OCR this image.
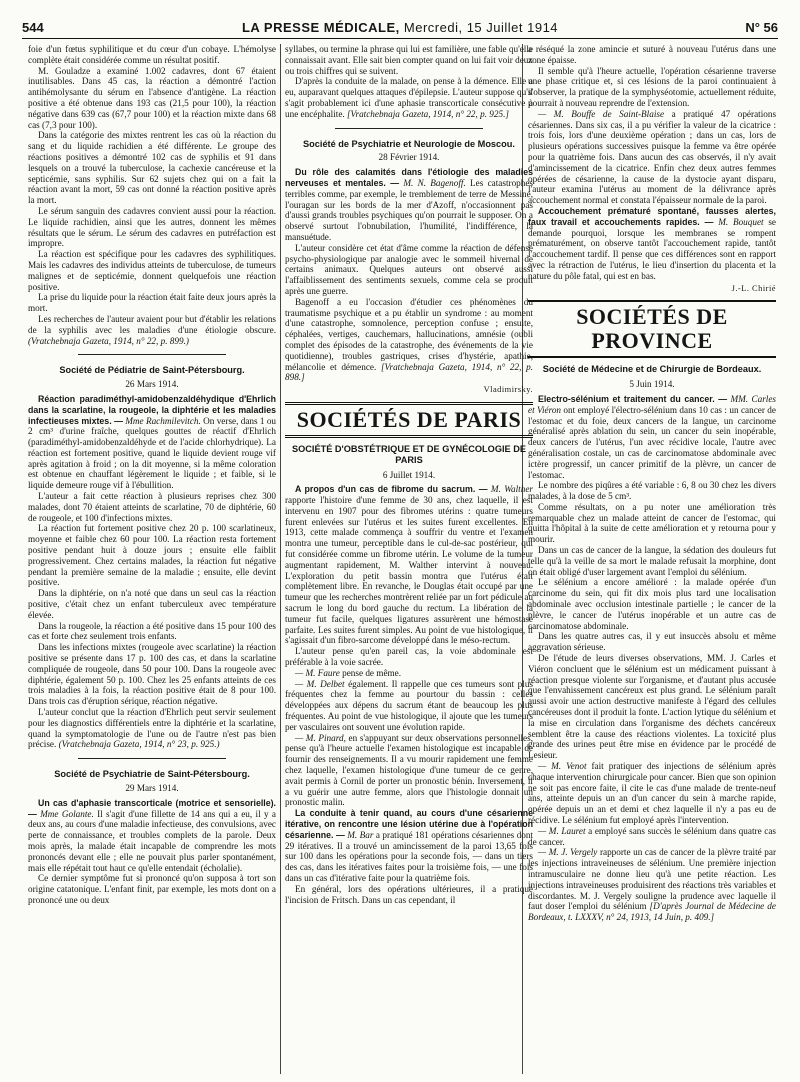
544	LA PRESSE MÉDICALE, Mercredi, 15 Juillet 1914	N° 56

foie d'un fœtus syphilitique et du cœur d'un cobaye. L'hémolyse complète était considérée comme un résultat positif.

M. Gouladze a examiné 1.002 cadavres, dont 67 étaient inutilisables. Dans 45 cas, la réaction a démontré l'action antihémolysante du sérum en l'absence d'antigène. La réaction positive a été obtenue dans 193 cas (21,5 pour 100), la réaction négative dans 639 cas (67,7 pour 100) et la réaction mixte dans 68 cas (7,3 pour 100).

Dans la catégorie des mixtes rentrent les cas où la réaction du sang et du liquide rachidien a été différente. Le groupe des réactions positives a démontré 102 cas de syphilis et 91 dans lesquels on a trouvé la tuberculose, la cachexie cancéreuse et la septicémie, sans syphilis. Sur 62 sujets chez qui on a fait la réaction avant la mort, 59 cas ont donné la réaction positive après la mort.

Le sérum sanguin des cadavres convient aussi pour la réaction. Le liquide rachidien, ainsi que les autres, donnent les mêmes résultats que le sérum. Le sérum des cadavres en putréfaction est impropre.

La réaction est spécifique pour les cadavres des syphilitiques. Mais les cadavres des individus atteints de tuberculose, de tumeurs malignes et de septicémie, donnent quelquefois une réaction positive.

La prise du liquide pour la réaction était faite deux jours après la mort.

Les recherches de l'auteur avaient pour but d'établir les relations de la syphilis avec les maladies d'une étiologie obscure. (Vratchebnaja Gazeta, 1914, n° 22, p. 899.)

Société de Pédiatrie de Saint-Pétersbourg.
26 Mars 1914.

Réaction paradiméthyl-amidobenzaldéhydique d'Ehrlich dans la scarlatine, la rougeole, la diphtérie et les maladies infectieuses mixtes. — Mme Rachmilevitch. On verse, dans 1 ou 2 cm³ d'urine fraîche, quelques gouttes de réactif d'Ehrlich (paradiméthyl-amidobenzaldéhyde et de l'acide chlorhydrique). La réaction est fortement positive, quand le liquide devient rouge vif après agitation à froid ; on la dit moyenne, si la même coloration est obtenue en chauffant légèrement le liquide ; et faible, si le liquide demeure rouge vif à l'ébullition.

L'auteur a fait cette réaction à plusieurs reprises chez 300 malades, dont 70 étaient atteints de scarlatine, 70 de diphtérie, 60 de rougeole, et 100 d'infections mixtes.

La réaction fut fortement positive chez 20 p. 100 scarlatineux, moyenne et faible chez 60 pour 100. La réaction resta fortement positive pendant huit à douze jours ; ensuite elle faiblit progressivement. Chez certains malades, la réaction fut négative pendant la première semaine de la maladie ; ensuite, elle devint positive.

Dans la diphtérie, on n'a noté que dans un seul cas la réaction positive, c'était chez un enfant tuberculeux avec température élevée.

Dans la rougeole, la réaction a été positive dans 15 pour 100 des cas et forte chez seulement trois enfants.

Dans les infections mixtes (rougeole avec scarlatine) la réaction positive se présente dans 17 p. 100 des cas, et dans la scarlatine compliquée de rougeole, dans 50 pour 100. Dans la rougeole avec diphtérie, également 50 p. 100. Chez les 25 enfants atteints de ces trois maladies à la fois, la réaction positive était de 8 pour 100. Dans trois cas d'éruption sérique, réaction négative.

L'auteur conclut que la réaction d'Ehrlich peut servir seulement pour les diagnostics différentiels entre la diphtérie et la scarlatine, quand la symptomatologie de l'une ou de l'autre n'est pas bien précise. (Vratchebnaja Gazeta, 1914, n° 23, p. 925.)

Société de Psychiatrie de Saint-Pétersbourg.
29 Mars 1914.

Un cas d'aphasie transcorticale (motrice et sensorielle). — Mme Golante. Il s'agit d'une fillette de 14 ans qui a eu, il y a deux ans, au cours d'une maladie infectieuse, des convulsions, avec perte de connaissance, et troubles complets de la parole. Deux mois après, la malade était incapable de comprendre les mots prononcés devant elle ; elle ne pouvait plus parler spontanément, mais elle répétait tout haut ce qu'elle entendait (écholalie).

Ce dernier symptôme fut si prononcé qu'on supposa à tort son origine catatonique. L'enfant finit, par exemple, les mots dont on a prononcé une ou deux

syllabes, ou termine la phrase qui lui est familière, une fable qu'elle connaissait avant. Elle sait bien compter quand on lui fait voir deux ou trois chiffres qui se suivent.

D'après la conduite de la malade, on pense à la démence. Elle a eu, auparavant quelques attaques d'épilepsie. L'auteur suppose qu'il s'agit probablement ici d'une aphasie transcorticale consécutive à une encéphalite. [Vratchebnaja Gazeta, 1914, n° 22, p. 925.]

Société de Psychiatrie et Neurologie de Moscou.
28 Février 1914.

Du rôle des calamités dans l'étiologie des maladies nerveuses et mentales. — M. N. Bagenoff. Les catastrophes terribles comme, par exemple, le tremblement de terre de Messine, l'ouragan sur les bords de la mer d'Azoff, n'occasionnent pas d'aussi grands troubles psychiques qu'on pourrait le supposer. On a observé surtout l'obnubilation, l'humilité, l'indifférence, la mansuétude.

L'auteur considère cet état d'âme comme la réaction de défense psycho-physiologique par analogie avec le sommeil hivernal de certains animaux. Quelques auteurs ont observé aussi l'affaiblissement des sentiments sexuels, comme cela se produit après une guerre.

Bagenoff a eu l'occasion d'étudier ces phénomènes du traumatisme psychique et a pu établir un syndrome : au moment d'une catastrophe, somnolence, perception confuse ; ensuite, céphalées, vertiges, cauchemars, hallucinations, amnésie (oubli complet des épisodes de la catastrophe, des événements de la vie quotidienne), troubles gastriques, crises d'hystérie, apathie, mélancolie et démence. [Vratchebnaja Gazeta, 1914, n° 22, p. 898.]

Vladimirsky.
SOCIÉTÉS DE PARIS
SOCIÉTÉ D'OBSTÉTRIQUE ET DE GYNÉCOLOGIE DE PARIS
6 Juillet 1914.

A propos d'un cas de fibrome du sacrum. — M. Walther rapporte l'histoire d'une femme de 30 ans, chez laquelle, il est intervenu en 1907 pour des fibromes utérins : quatre tumeurs furent enlevées sur l'utérus et les suites furent excellentes. En 1913, cette malade commença à souffrir du ventre et l'examen montra une tumeur, perceptible dans le cul-de-sac postérieur, qui fut considérée comme un fibrome utérin. Le volume de la tumeur augmentant rapidement, M. Walther intervint à nouveau. L'exploration du petit bassin montra que l'utérus était complètement libre. En revanche, le Douglas était occupé par une tumeur que les recherches montrèrent reliée par un fort pédicule au sacrum le long du bord gauche du rectum. La libération de la tumeur fut facile, quelques ligatures assurèrent une hémostase parfaite. Les suites furent simples. Au point de vue histologique, il s'agissait d'un fibro-sarcome développé dans le méso-rectum.

L'auteur pense qu'en pareil cas, la voie abdominale est préférable à la voie sacrée.

— M. Faure pense de même.

— M. Delbet également. Il rappelle que ces tumeurs sont plus fréquentes chez la femme au pourtour du bassin : celles développées aux dépens du sacrum étant de beaucoup les plus fréquentes. Au point de vue histologique, il ajoute que les tumeurs per vasculaires ont souvent une évolution rapide.

— M. Pinard, en s'appuyant sur deux observations personnelles, pense qu'à l'heure actuelle l'examen histologique est incapable de fournir des renseignements. Il a vu mourir rapidement une femme chez laquelle, l'examen histologique d'une tumeur de ce genre, avait permis à Cornil de porter un pronostic bénin. Inversement, il a vu guérir une autre femme, alors que l'histologie donnait un pronostic malin.

La conduite à tenir quand, au cours d'une césarienne itérative, on rencontre une lésion utérine due à l'opération césarienne. — M. Bar a pratiqué 181 opérations césariennes dont 29 itératives. Il a trouvé un amincissement de la paroi 13,65 fois sur 100 dans les opérations pour la seconde fois, — dans un tiers des cas, dans les itératives faites pour la troisième fois, — une fois dans un cas d'itérative faite pour la quatrième fois.

En général, lors des opérations ultérieures, il a pratiqué l'incision de Fritsch. Dans un cas cependant, il

a réséqué la zone amincie et suturé à nouveau l'utérus dans une zone épaisse.

Il semble qu'à l'heure actuelle, l'opération césarienne traverse une phase critique et, si ces lésions de la paroi continuaient à s'observer, la pratique de la symphyséotomie, actuellement réduite, pourrait à nouveau reprendre de l'extension.

— M. Bouffe de Saint-Blaise a pratiqué 47 opérations césariennes. Dans six cas, il a pu vérifier la valeur de la cicatrice : trois fois, lors d'une deuxième opération ; dans un cas, lors de plusieurs opérations successives puisque la femme va être opérée pour la quatrième fois. Dans aucun des cas observés, il n'y avait d'amincissement de la cicatrice. Enfin chez deux autres femmes opérées de césarienne, la cause de la dystocie ayant disparu, l'auteur examina l'utérus au moment de la délivrance après accouchement normal et constata l'épaisseur normale de la paroi.

Accouchement prématuré spontané, fausses alertes, faux travail et accouchements rapides. — M. Bouquet se demande pourquoi, lorsque les membranes se rompent prématurément, on observe tantôt l'accouchement rapide, tantôt l'accouchement tardif. Il pense que ces différences sont en rapport avec la rétraction de l'utérus, le lieu d'insertion du placenta et la nature du pôle fatal, qui est en bas.

J.-L. Chirié
SOCIÉTÉS DE PROVINCE
Société de Médecine et de Chirurgie de Bordeaux.
5 Juin 1914.

Electro-sélénium et traitement du cancer. — MM. Carles et Viéron ont employé l'électro-sélénium dans 10 cas : un cancer de l'estomac et du foie, deux cancers de la langue, un carcinome généralisé après ablation du sein, un cancer du sein inopérable, deux cancers de l'utérus, l'un avec récidive locale, l'autre avec généralisation costale, un cas de carcinomatose abdominale avec ictère progressif, un cancer primitif de la plèvre, un cancer de l'estomac.

Le nombre des piqûres a été variable : 6, 8 ou 30 chez les divers malades, à la dose de 5 cm³.

Comme résultats, on a pu noter une amélioration très remarquable chez un malade atteint de cancer de l'estomac, qui quitta l'hôpital à la suite de cette amélioration et y retourna pour y mourir.

Dans un cas de cancer de la langue, la sédation des douleurs fut telle qu'à la veille de sa mort le malade refusait la morphine, dont on était obligé d'user largement avant l'emploi du sélénium.

Le sélénium a encore amélioré : la malade opérée d'un carcinome du sein, qui fit dix mois plus tard une localisation abdominale avec occlusion intestinale partielle ; le cancer de la plèvre, le cancer de l'utérus inopérable et un autre cas de carcinomatose abdominale.

Dans les quatre autres cas, il y eut insuccès absolu et même aggravation sérieuse.

De l'étude de leurs diverses observations, MM. J. Carles et Viéron concluent que le sélénium est un médicament puissant à réaction presque violente sur l'organisme, et d'autant plus accusée que l'envahissement cancéreux est plus grand. Le sélénium paraît aussi avoir une action destructive manifeste à l'égard des cellules cancéreuses dont il produit la fonte. L'action lytique du sélénium et la mise en circulation dans l'organisme des déchets cancéreux semblent être la cause des réactions violentes. La toxicité plus grande des urines peut être mise en évidence par le procédé de Lesieur.

— M. Venot fait pratiquer des injections de sélénium après chaque intervention chirurgicale pour cancer. Bien que son opinion ne soit pas encore faite, il cite le cas d'une malade de trente-neuf ans, atteinte depuis un an d'un cancer du sein à marche rapide, opérée depuis un an et demi et chez laquelle il n'y a pas eu de récidive. Le sélénium fut employé après l'intervention.

— M. Lauret a employé sans succès le sélénium dans quatre cas de cancer.

— M. J. Vergely rapporte un cas de cancer de la plèvre traité par les injections intraveineuses de sélénium. Une première injection intramusculaire ne donne lieu qu'à une petite réaction. Les injections intraveineuses produisirent des réactions très variables et discordantes. M. J. Vergely souligne la prudence avec laquelle il faut doser l'emploi du sélénium [D'après Journal de Médecine de Bordeaux, t. LXXXV, n° 24, 1913, 14 Juin, p. 409.]
